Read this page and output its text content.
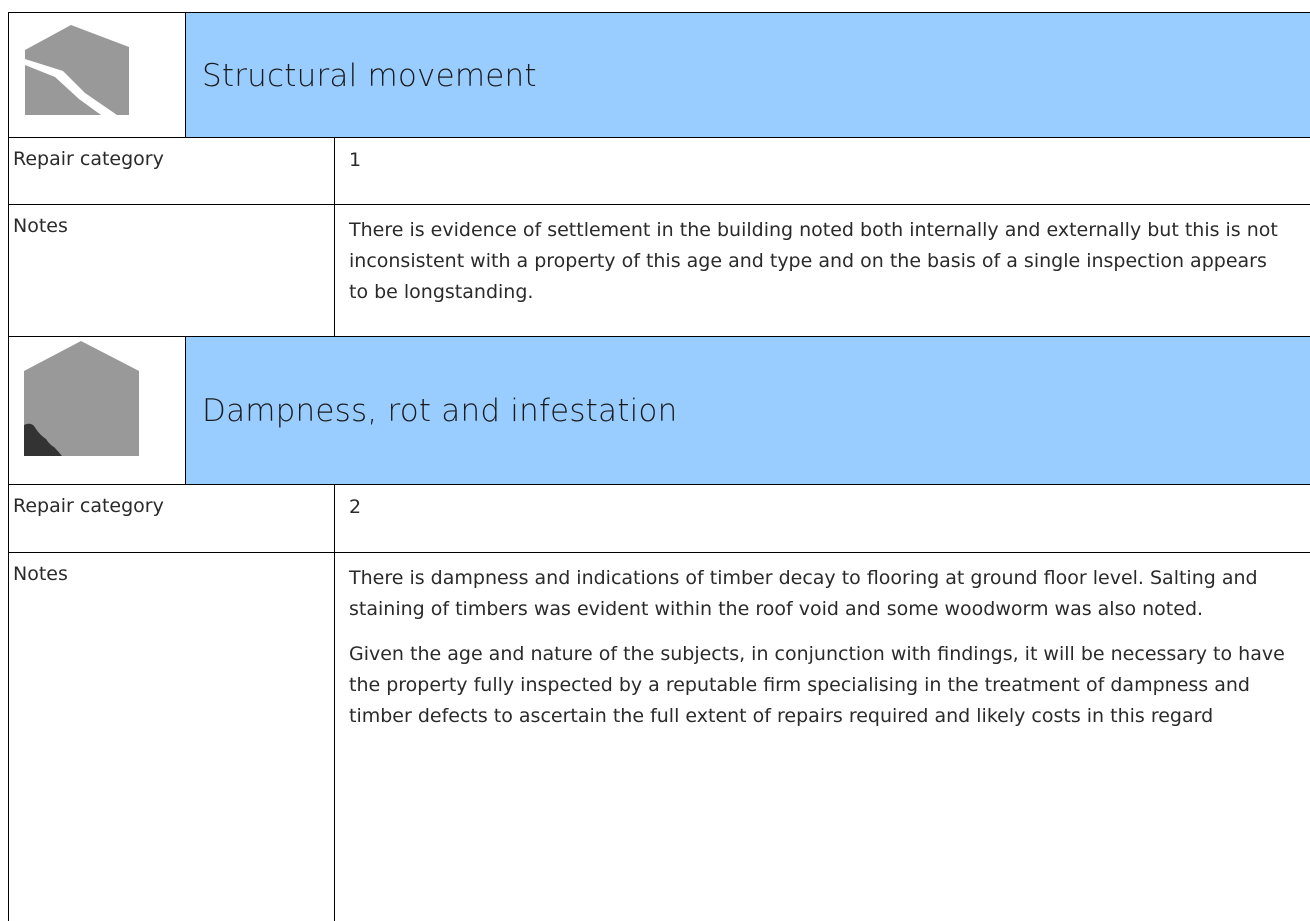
Structural movement
Repair category	1
Notes	There is evidence of settlement in the building noted both internally and externally but this is not inconsistent with a property of this age and type and on the basis of a single inspection appears to be longstanding.

Dampness, rot and infestation
Repair category	2
Notes	There is dampness and indications of timber decay to flooring at ground floor level. Salting and staining of timbers was evident within the roof void and some woodworm was also noted.

Given the age and nature of the subjects, in conjunction with findings, it will be necessary to have the property fully inspected by a reputable firm specialising in the treatment of dampness and timber defects to ascertain the full extent of repairs required and likely costs in this regard
